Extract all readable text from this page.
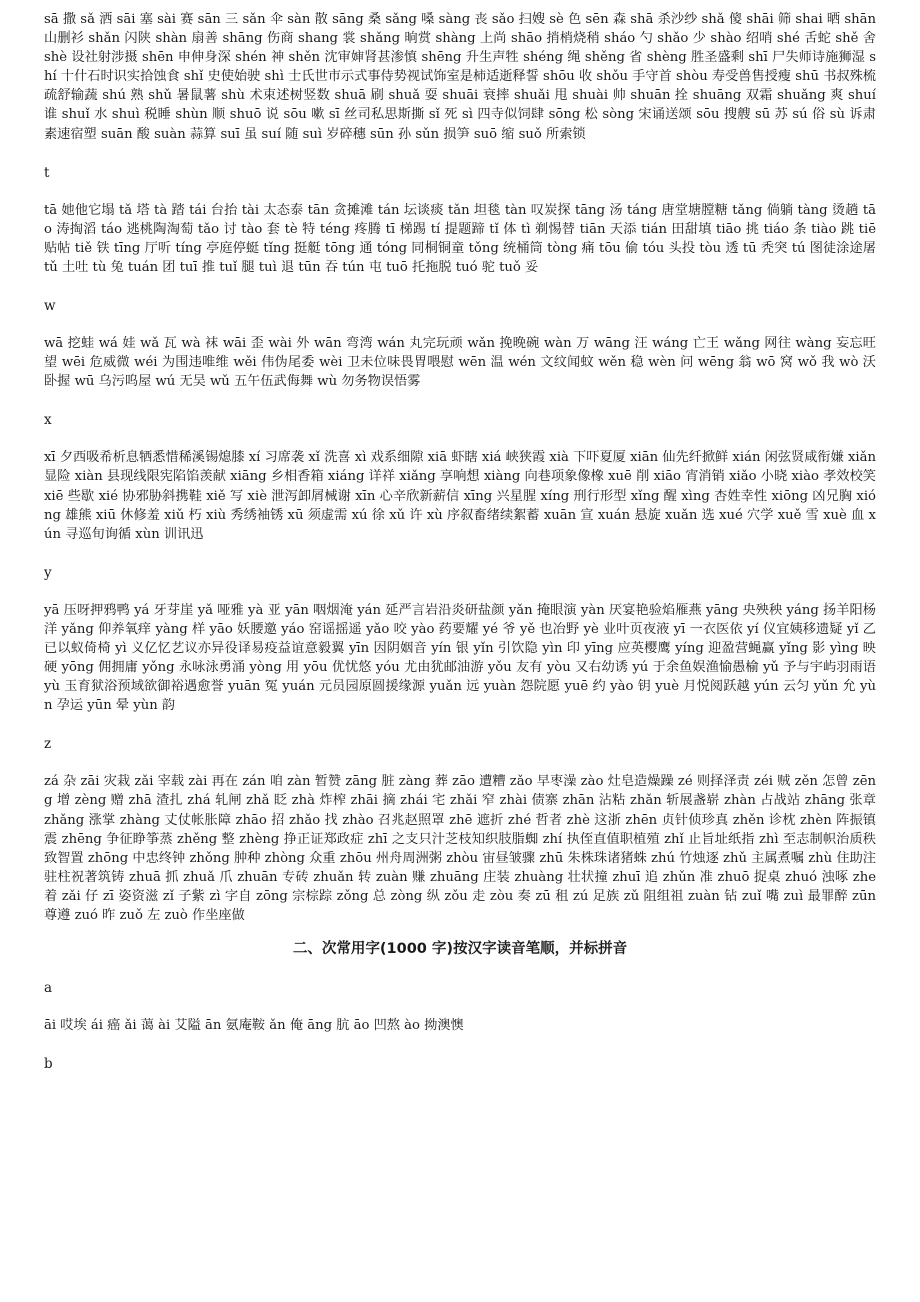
sā 撒 sǎ 洒 sāi 塞 sài 赛 sān 三 sǎn 伞 sàn 散 sāng 桑 sǎng 嗓 sàng 丧 sǎo 扫嫂 sè 色 sēn 森 shā 杀沙纱 shǎ 傻 shāi 筛 shai 晒 shān 山删衫 shǎn 闪陕 shàn 扇善 shāng 伤商 shang 裳 shǎng 晌赏 shàng 上尚 shāo 捎梢烧稍 sháo 勺 shǎo 少 shào 绍哨 shé 舌蛇 shě 舍 shè 设社射涉摄 shēn 申伸身深 shén 神 shěn 沈审婶肾甚渗慎 shēng 升生声牲 shéng 绳 shěng 省 shèng 胜圣盛剩 shī 尸失师诗施狮湿 shí 十什石时识实拾蚀食 shǐ 史使始驶 shì 士氏世市示式事侍势视试饰室是柿适逝释誓 shōu 收 shǒu 手守首 shòu 寿受兽售授瘦 shū 书叔殊梳疏舒输蔬 shú 熟 shǔ 暑鼠薯 shù 术束述树竖数 shuā 刷 shuǎ 耍 shuāi 衰摔 shuǎi 甩 shuài 帅 shuān 拴 shuāng 双霜 shuǎng 爽 shuí 谁 shuǐ 水 shuì 税睡 shùn 顺 shuō 说 sōu 嗽 sī 丝司私思斯撕 sǐ 死 sì 四寺似饲肆 sōng 松 sòng 宋诵送颂 sōu 搜艘 sū 苏 sú 俗 sù 诉肃素速宿塑 suān 酸 suàn 蒜算 suī 虽 suí 随 suì 岁碎穗 sūn 孙 sǔn 损笋 suō 缩 suǒ 所索锁

t

tā 她他它塌 tǎ 塔 tà 踏 tái 台抬 tài 太态泰 tān 贪摊滩 tán 坛谈痰 tǎn 坦毯 tàn 叹炭探 tāng 汤 táng 唐堂塘膛糖 tǎng 倘躺 tàng 烫趟 tāo 涛掏滔 táo 逃桃陶淘萄 tǎo 讨 tào 套 tè 特 téng 疼腾 tī 梯踢 tí 提题蹄 tǐ 体 tì 剃惕替 tiān 天添 tián 田甜填 tiāo 挑 tiáo 条 tiào 跳 tiē 贴帖 tiě 铁 tīng 厅听 tíng 亭庭停蜓 tǐng 挺艇 tōng 通 tóng 同桐铜童 tǒng 统桶筒 tòng 痛 tōu 偷 tóu 头投 tòu 透 tū 秃突 tú 图徒涂途屠 tǔ 土吐 tù 兔 tuán 团 tuī 推 tuǐ 腿 tuì 退 tūn 吞 tún 屯 tuō 托拖脱 tuó 驼 tuǒ 妥

w

wā 挖蛙 wá 娃 wǎ 瓦 wà 袜 wāi 歪 wài 外 wān 弯湾 wán 丸完玩顽 wǎn 挽晚碗 wàn 万 wāng 汪 wáng 亡王 wǎng 网往 wàng 妄忘旺望 wēi 危威微 wéi 为围违唯维 wěi 伟伪尾委 wèi 卫未位味畏胃喂慰 wēn 温 wén 文纹闻蚊 wěn 稳 wèn 问 wēng 翁 wō 窝 wǒ 我 wò 沃卧握 wū 乌污呜屋 wú 无吴 wǔ 五午伍武侮舞 wù 勿务物误悟雾

x

xī 夕西吸希析息牺悉惜稀溪锡熄膝 xí 习席袭 xǐ 洗喜 xì 戏系细隙 xiā 虾瞎 xiá 峡狭霞 xià 下吓夏厦 xiān 仙先纤掀鲜 xián 闲弦贤咸衔嫌 xiǎn 显险 xiàn 县现线限宪陷馅羡献 xiāng 乡相香箱 xiáng 详祥 xiǎng 享响想 xiàng 向巷项象像橡 xuē 削 xiāo 宵消销 xiǎo 小晓 xiào 孝效校笑 xiē 些歇 xié 协邪胁斜携鞋 xiě 写 xiè 泄泻卸屑械谢 xīn 心辛欣新薪信 xīng 兴星腥 xíng 刑行形型 xǐng 醒 xìng 杏姓幸性 xiōng 凶兄胸 xióng 雄熊 xiū 休修羞 xiǔ 朽 xiù 秀绣袖锈 xū 须虚需 xú 徐 xǔ 许 xù 序叙畜绪续絮蓄 xuān 宣 xuán 悬旋 xuǎn 选 xué 穴学 xuě 雪 xuè 血 xún 寻巡旬询循 xùn 训讯迅

y

yā 压呀押鸦鸭 yá 牙芽崖 yǎ 哑雅 yà 亚 yān 咽烟淹 yán 延严言岩沿炎研盐颜 yǎn 掩眼演 yàn 厌宴艳验焰雁燕 yāng 央殃秧 yáng 扬羊阳杨洋 yǎng 仰养氧痒 yàng 样 yāo 妖腰邀 yáo 窑谣摇遥 yǎo 咬 yào 药要耀 yé 爷 yě 也冶野 yè 业叶页夜液 yī 一衣医依 yí 仪宜姨移遗疑 yǐ 乙已以蚁倚椅 yì 义亿忆艺议亦异役译易疫益谊意毅翼 yīn 因阴姻音 yín 银 yǐn 引饮隐 yìn 印 yīng 应英樱鹰 yíng 迎盈营蝇赢 yǐng 影 yìng 映硬 yōng 佣拥庸 yǒng 永咏泳勇涌 yòng 用 yōu 优忧悠 yóu 尤由犹邮油游 yǒu 友有 yòu 又右幼诱 yú 于余鱼娱渔愉愚榆 yǔ 予与宇屿羽雨语 yù 玉育狱浴预域欲御裕遇愈誉 yuān 冤 yuán 元员园原圆援缘源 yuǎn 远 yuàn 怨院愿 yuē 约 yào 钥 yuè 月悦阅跃越 yún 云匀 yǔn 允 yùn 孕运 yūn 晕 yùn 韵

z

zá 杂 zāi 灾栽 zǎi 宰载 zài 再在 zán 咱 zàn 暂赞 zāng 脏 zàng 葬 zāo 遭糟 zǎo 早枣澡 zào 灶皂造燥躁 zé 则择泽责 zéi 贼 zěn 怎曾 zēng 增 zèng 赠 zhā 渣扎 zhá 轧闸 zhǎ 眨 zhà 炸榨 zhāi 摘 zhái 宅 zhǎi 窄 zhài 债寨 zhān 沾粘 zhǎn 斩展盏崭 zhàn 占战站 zhāng 张章 zhǎng 涨掌 zhàng 丈仗帐胀障 zhāo 招 zhǎo 找 zhào 召兆赵照罩 zhē 遮折 zhé 哲者 zhè 这浙 zhēn 贞针侦珍真 zhěn 诊枕 zhèn 阵振镇震 zhēng 争征睁筝蒸 zhěng 整 zhèng 挣正证郑政症 zhī 之支只汁芝枝知织肢脂蜘 zhí 执侄直值职植殖 zhǐ 止旨址纸指 zhì 至志制帜治质秩致智置 zhōng 中忠终钟 zhǒng 肿种 zhòng 众重 zhōu 州舟周洲粥 zhòu 宙昼皱骤 zhū 朱株珠诸猪蛛 zhú 竹烛逐 zhǔ 主属煮嘱 zhù 住助注驻柱祝著筑铸 zhuā 抓 zhuǎ 爪 zhuān 专砖 zhuǎn 转 zuàn 赚 zhuāng 庄装 zhuàng 壮状撞 zhuī 追 zhǔn 准 zhuō 捉桌 zhuó 浊啄 zhe 着 zǎi 仔 zī 姿资滋 zǐ 子紫 zì 字自 zōng 宗棕踪 zǒng 总 zòng 纵 zǒu 走 zòu 奏 zū 租 zú 足族 zǔ 阻组祖 zuàn 钻 zuǐ 嘴 zuì 最罪醉 zūn 尊遵 zuó 昨 zuǒ 左 zuò 作坐座做

二、次常用字(1000 字)按汉字读音笔顺，并标拼音

a

āi 哎埃 ái 癌 ǎi 蔼 ài 艾隘 ān 氨庵鞍 ǎn 俺 āng 肮 āo 凹熬 ào 拗澳懊

b
